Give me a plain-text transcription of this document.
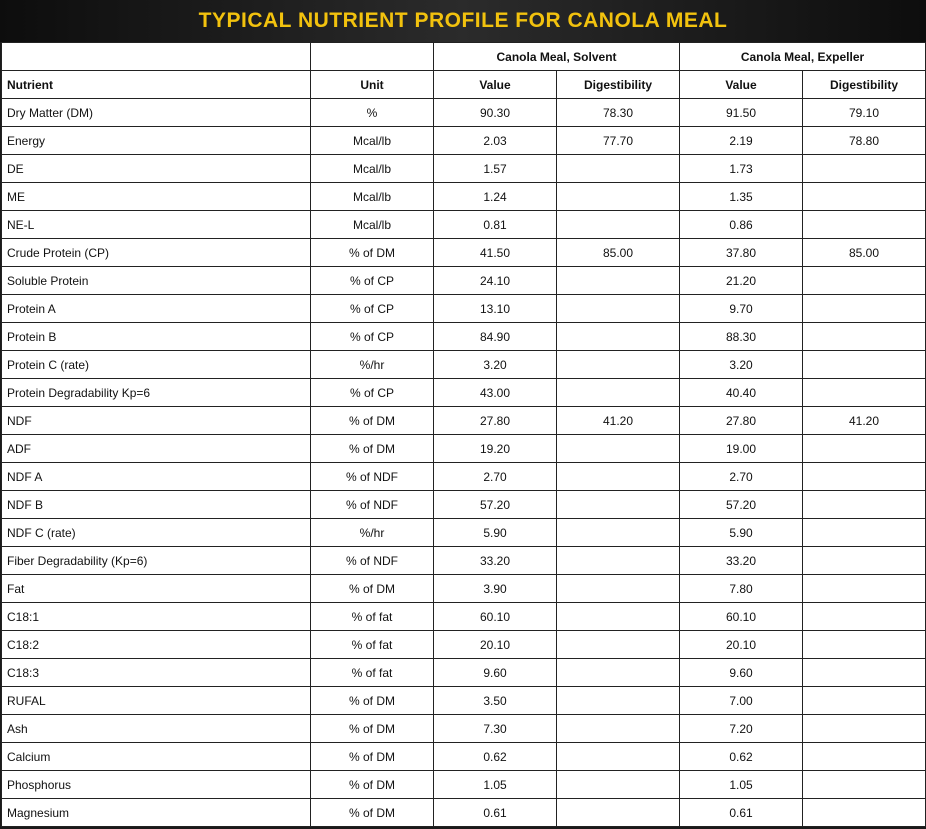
TYPICAL NUTRIENT PROFILE FOR CANOLA MEAL
		Canola Meal, Solvent		Canola Meal, Expeller	
Nutrient	Unit	Value	Digestibility	Value	Digestibility
Dry Matter (DM)	%	90.30	78.30	91.50	79.10
Energy	Mcal/lb	2.03	77.70	2.19	78.80
DE	Mcal/lb	1.57		1.73	
ME	Mcal/lb	1.24		1.35	
NE-L	Mcal/lb	0.81		0.86	
Crude Protein (CP)	% of DM	41.50	85.00	37.80	85.00
Soluble Protein	% of CP	24.10		21.20	
Protein A	% of CP	13.10		9.70	
Protein B	% of CP	84.90		88.30	
Protein C (rate)	%/hr	3.20		3.20	
Protein Degradability Kp=6	% of CP	43.00		40.40	
NDF	% of DM	27.80	41.20	27.80	41.20
ADF	% of DM	19.20		19.00	
NDF A	% of NDF	2.70		2.70	
NDF B	% of NDF	57.20		57.20	
NDF C (rate)	%/hr	5.90		5.90	
Fiber Degradability (Kp=6)	% of NDF	33.20		33.20	
Fat	% of DM	3.90		7.80	
C18:1	% of fat	60.10		60.10	
C18:2	% of fat	20.10		20.10	
C18:3	% of fat	9.60		9.60	
RUFAL	% of DM	3.50		7.00	
Ash	% of DM	7.30		7.20	
Calcium	% of DM	0.62		0.62	
Phosphorus	% of DM	1.05		1.05	
Magnesium	% of DM	0.61		0.61	
